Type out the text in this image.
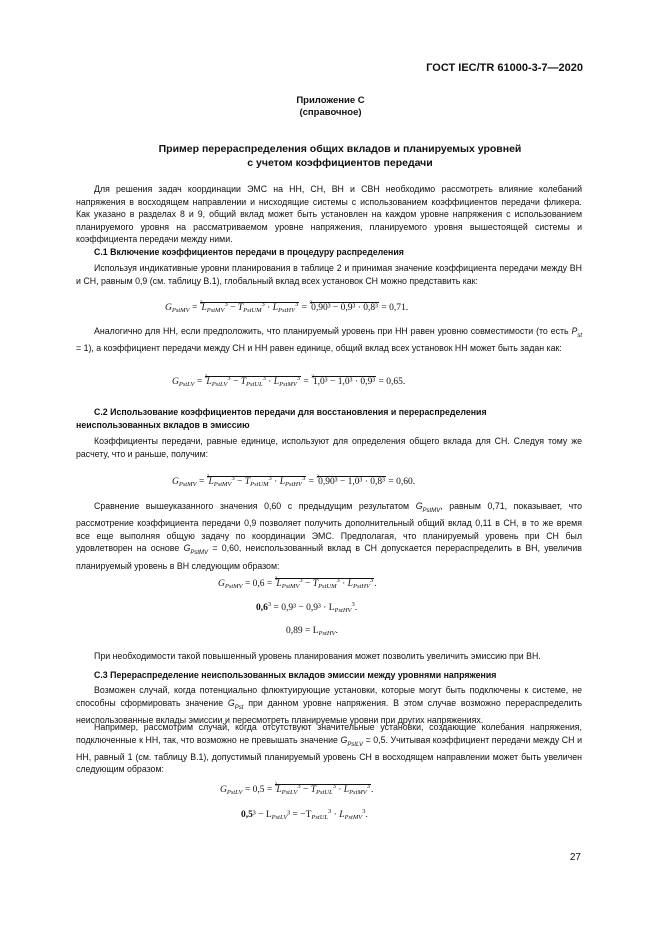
ГОСТ IEC/TR 61000-3-7—2020
Приложение С
(справочное)
Пример перераспределения общих вкладов и планируемых уровней
с учетом коэффициентов передачи

Для решения задач координации ЭМС на НН, СН, ВН и СВН необходимо рассмотреть влияние колебаний напряжения в восходящем направлении и нисходящие системы с использованием коэффициентов передачи фликера. Как указано в разделах 8 и 9, общий вклад может быть установлен на каждом уровне напряжения с использованием планируемого уровня на рассматриваемом уровне напряжения, планируемого уровня вышестоящей системы и коэффициента передачи между ними.

С.1 Включение коэффициентов передачи в процедуру распределения

Используя индикативные уровни планирования в таблице 2 и принимая значение коэффициента передачи между ВН и СН, равным 0,9 (см. таблицу В.1), глобальный вклад всех установок СН можно представить как:

$G_{PstMV} = ^3L_{PstMV}^3 - T_{PstUM}^3 \cdot L_{PstHV}^3 = ^30,90^3 - 0,9^3 \cdot 0,8^3 = 0,71$.

Аналогично для НН, если предположить, что планируемый уровень при НН равен уровню совместимости (то есть $P_{st} = 1$), а коэффициент передачи между СН и НН равен единице, общий вклад всех установок НН может быть задан как:

$G_{PstLV} = ^3L_{PstLV}^3 - T_{PstUL}^3 \cdot L_{PstMV}^3 = ^31,0^3 - 1,0^3 \cdot 0,9^3 = 0,65$.
С.2 Использование коэффициентов передачи для восстановления и перераспределения
неиспользованных вкладов в эмиссию

Коэффициенты передачи, равные единице, используют для определения общего вклада для СН. Следуя тому же расчету, что и раньше, получим:

$G_{PstMV} = ^3L_{PstMV}^3 - T_{PstUM}^3 \cdot L_{PstHV}^3 = ^30,90^3 - 1,0^3 \cdot 0,8^3 = 0,60$.

Сравнение вышеуказанного значения 0,60 с предыдущим результатом $G_{PstMV}$, равным 0,71, показывает, что рассмотрение коэффициента передачи 0,9 позволяет получить дополнительный общий вклад 0,11 в СН, в то же время все еще выполняя общую задачу по координации ЭМС. Предполагая, что планируемый уровень при СН был удовлетворен на основе $G_{PstMV} = 0,60$, неиспользованный вклад в СН допускается перераспределить в ВН, увеличив планируемый уровень в ВН следующим образом:

$G_{PstMV} = 0,6 = ^3L_{PstMV}^3 - T_{PstUM}^3 \cdot L_{PstHV}^3$.
$0,6^3 = 0,9^3 - 0,9^3 \cdot L_{PstHV}^3$.
$0,89 = L_{PstHV}$.

При необходимости такой повышенный уровень планирования может позволить увеличить эмиссию при ВН.

С.3 Перераспределение неиспользованных вкладов эмиссии между уровнями напряжения

Возможен случай, когда потенциально флюктуирующие установки, которые могут быть подключены к системе, не способны сформировать значение $G_{Pst}$ при данном уровне напряжения. В этом случае возможно перераспределить неиспользованные вклады эмиссии и пересмотреть планируемые уровни при других напряжениях.

Например, рассмотрим случай, когда отсутствуют значительные установки, создающие колебания напряжения, подключенные к НН, так, что возможно не превышать значение $G_{PstLV} = 0,5$. Учитывая коэффициент передачи между СН и НН, равный 1 (см. таблицу В.1), допустимый планируемый уровень СН в восходящем направлении может быть увеличен следующим образом:

$G_{PstLV} = 0,5 = ^3L_{PstLV}^3 - T_{PstUL}^3 \cdot L_{PstMV}^3$.
$0,5^3 - L_{PstLV}^3 = -T_{PstUL}^3 \cdot L_{PstMV}^3$.
27
